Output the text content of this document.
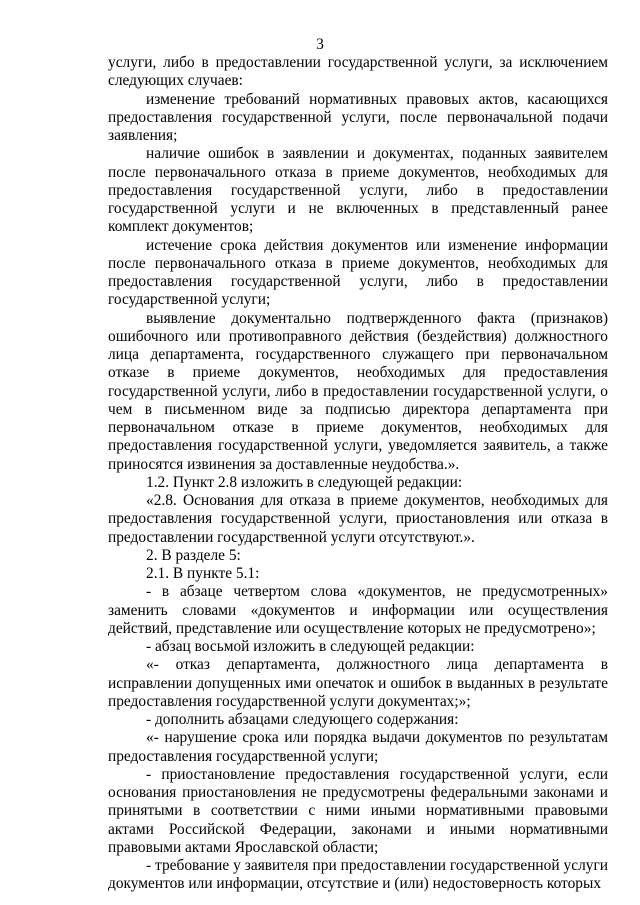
3

услуги, либо в предоставлении государственной услуги, за исключением следующих случаев:

изменение требований нормативных правовых актов, касающихся предоставления государственной услуги, после первоначальной подачи заявления;

наличие ошибок в заявлении и документах, поданных заявителем после первоначального отказа в приеме документов, необходимых для предоставления государственной услуги, либо в предоставлении государственной услуги и не включенных в представленный ранее комплект документов;

истечение срока действия документов или изменение информации после первоначального отказа в приеме документов, необходимых для предоставления государственной услуги, либо в предоставлении государственной услуги;

выявление документально подтвержденного факта (признаков) ошибочного или противоправного действия (бездействия) должностного лица департамента, государственного служащего при первоначальном отказе в приеме документов, необходимых для предоставления государственной услуги, либо в предоставлении государственной услуги, о чем в письменном виде за подписью директора департамента при первоначальном отказе в приеме документов, необходимых для предоставления государственной услуги, уведомляется заявитель, а также приносятся извинения за доставленные неудобства.».

1.2. Пункт 2.8 изложить в следующей редакции:

«2.8. Основания для отказа в приеме документов, необходимых для предоставления государственной услуги, приостановления или отказа в предоставлении государственной услуги отсутствуют.».

2. В разделе 5:

2.1. В пункте 5.1:

- в абзаце четвертом слова «документов, не предусмотренных» заменить словами «документов и информации или осуществления действий, представление или осуществление которых не предусмотрено»;

- абзац восьмой изложить в следующей редакции:

«- отказ департамента, должностного лица департамента в исправлении допущенных ими опечаток и ошибок в выданных в результате предоставления государственной услуги документах;»;

- дополнить абзацами следующего содержания:

«- нарушение срока или порядка выдачи документов по результатам предоставления государственной услуги;

- приостановление предоставления государственной услуги, если основания приостановления не предусмотрены федеральными законами и принятыми в соответствии с ними иными нормативными правовыми актами Российской Федерации, законами и иными нормативными правовыми актами Ярославской области;

- требование у заявителя при предоставлении государственной услуги документов или информации, отсутствие и (или) недостоверность которых
